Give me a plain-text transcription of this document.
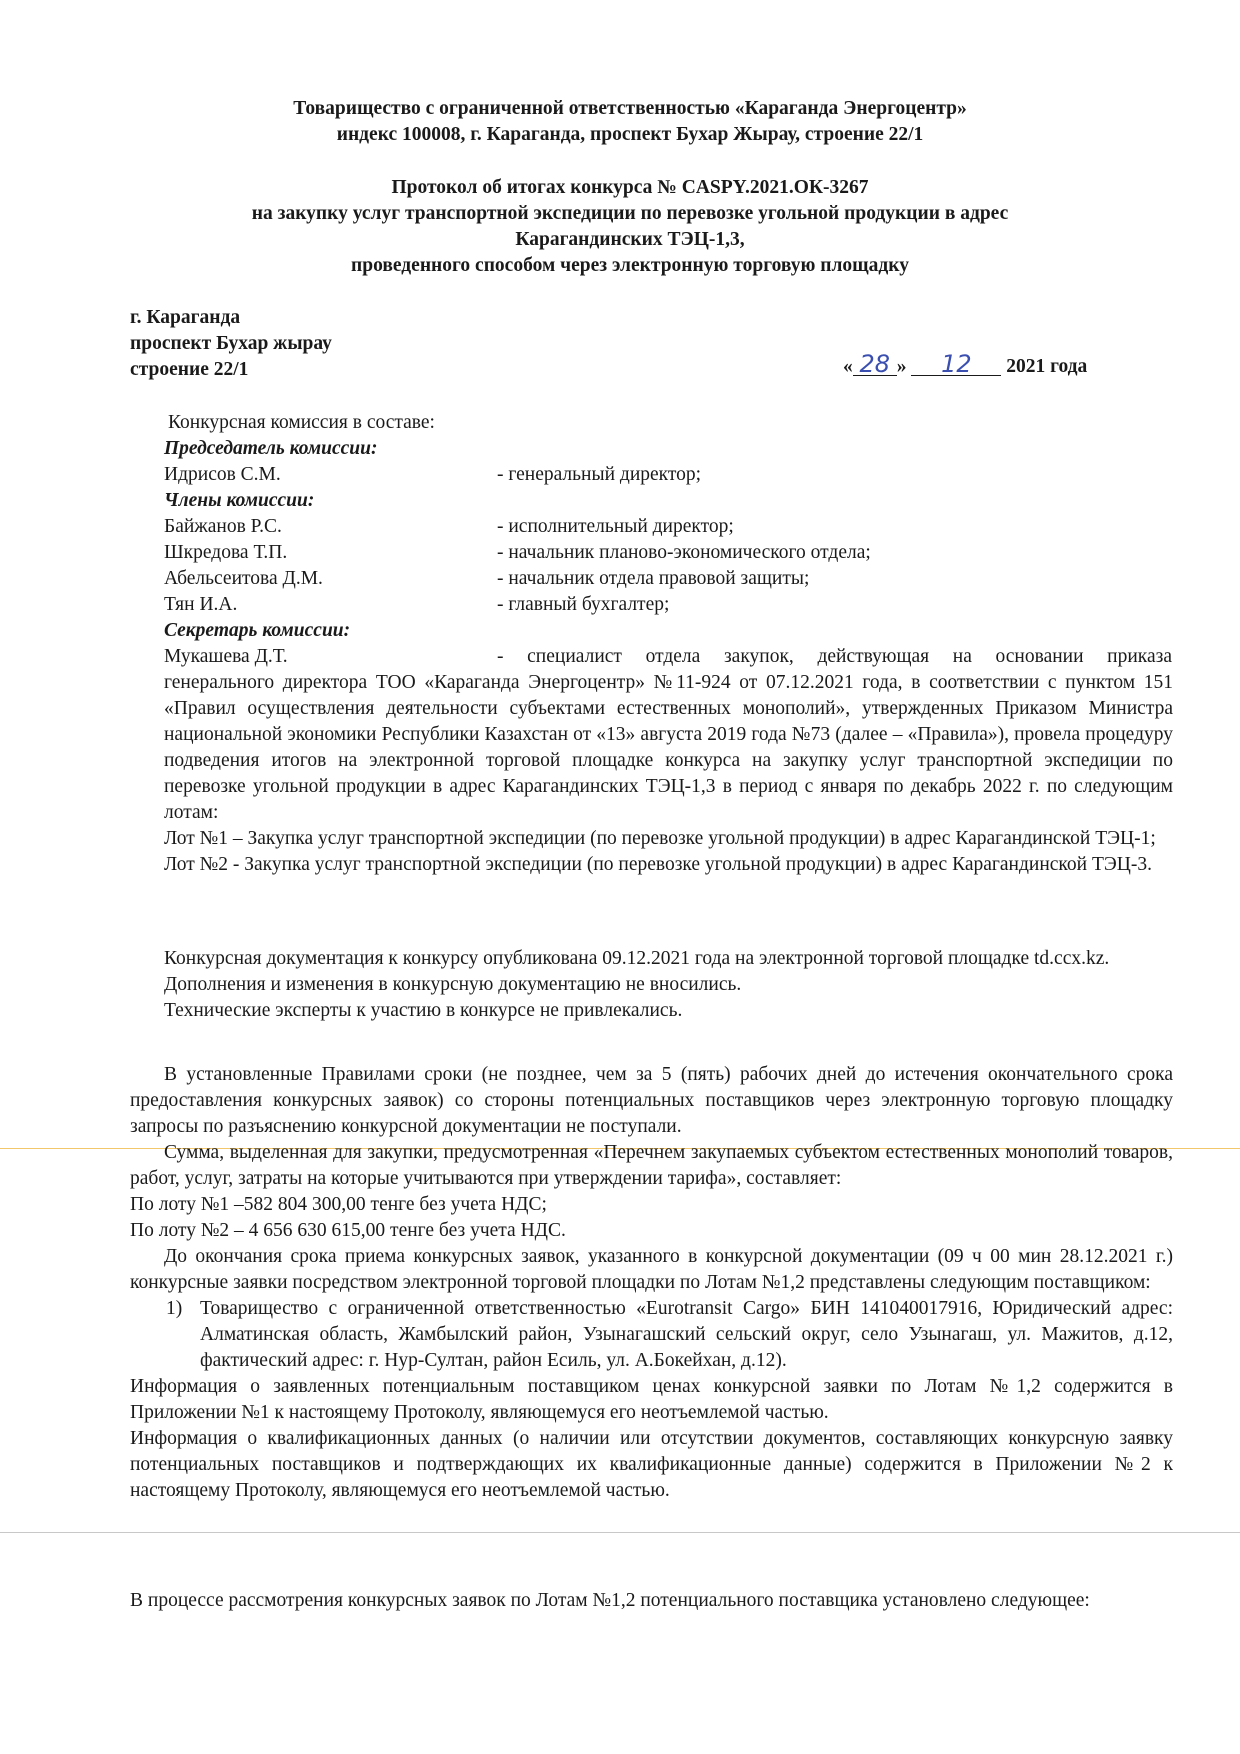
Товарищество с ограниченной ответственностью «Караганда Энергоцентр»
индекс 100008, г. Караганда, проспект Бухар Жырау, строение 22/1
Протокол об итогах конкурса № CASPY.2021.ОК-3267
на закупку услуг транспортной экспедиции по перевозке угольной продукции в адрес
Карагандинских ТЭЦ-1,3,
проведенного способом через электронную торговую площадку
г. Караганда
проспект Бухар жырау
строение 22/1	« 28 » 12 2021 года
Конкурсная комиссия в составе:
Председатель комиссии:
Идрисов С.М.	- генеральный директор;
Члены комиссии:
Байжанов Р.С.	- исполнительный директор;
Шкредова Т.П.	- начальник планово-экономического отдела;
Абельсеитова Д.М.	- начальник отдела правовой защиты;
Тян И.А.	- главный бухгалтер;
Секретарь комиссии:
Мукашева Д.Т.	- специалист отдела закупок, действующая на основании приказа

генерального директора ТОО «Караганда Энергоцентр» №11-924 от 07.12.2021 года, в соответствии с пунктом 151 «Правил осуществления деятельности субъектами естественных монополий», утвержденных Приказом Министра национальной экономики Республики Казахстан от «13» августа 2019 года №73 (далее – «Правила»), провела процедуру подведения итогов на электронной торговой площадке конкурса на закупку услуг транспортной экспедиции по перевозке угольной продукции в адрес Карагандинских ТЭЦ-1,3 в период с января по декабрь 2022 г. по следующим лотам:

Лот №1 – Закупка услуг транспортной экспедиции (по перевозке угольной продукции) в адрес Карагандинской ТЭЦ-1;

Лот №2 - Закупка услуг транспортной экспедиции (по перевозке угольной продукции) в адрес Карагандинской ТЭЦ-3.

Конкурсная документация к конкурсу опубликована 09.12.2021 года на электронной торговой площадке td.ccx.kz.

Дополнения и изменения в конкурсную документацию не вносились.

Технические эксперты к участию в конкурсе не привлекались.

В установленные Правилами сроки (не позднее, чем за 5 (пять) рабочих дней до истечения окончательного срока предоставления конкурсных заявок) со стороны потенциальных поставщиков через электронную торговую площадку запросы по разъяснению конкурсной документации не поступали.

Сумма, выделенная для закупки, предусмотренная «Перечнем закупаемых субъектом естественных монополий товаров, работ, услуг, затраты на которые учитываются при утверждении тарифа», составляет:

По лоту №1 –582 804 300,00 тенге без учета НДС;

По лоту №2 – 4 656 630 615,00 тенге без учета НДС.

До окончания срока приема конкурсных заявок, указанного в конкурсной документации (09 ч 00 мин 28.12.2021 г.) конкурсные заявки посредством электронной торговой площадки по Лотам №1,2 представлены следующим поставщиком:

1) Товарищество с ограниченной ответственностью «Eurotransit Cargo» БИН 141040017916, Юридический адрес: Алматинская область, Жамбылский район, Узынагашский сельский округ, село Узынагаш, ул. Мажитов, д.12, фактический адрес: г. Нур-Султан, район Есиль, ул. А.Бокейхан, д.12).

Информация о заявленных потенциальным поставщиком ценах конкурсной заявки по Лотам №1,2 содержится в Приложении №1 к настоящему Протоколу, являющемуся его неотъемлемой частью.

Информация о квалификационных данных (о наличии или отсутствии документов, составляющих конкурсную заявку потенциальных поставщиков и подтверждающих их квалификационные данные) содержится в Приложении №2 к настоящему Протоколу, являющемуся его неотъемлемой частью.

В процессе рассмотрения конкурсных заявок по Лотам №1,2 потенциального поставщика установлено следующее:
